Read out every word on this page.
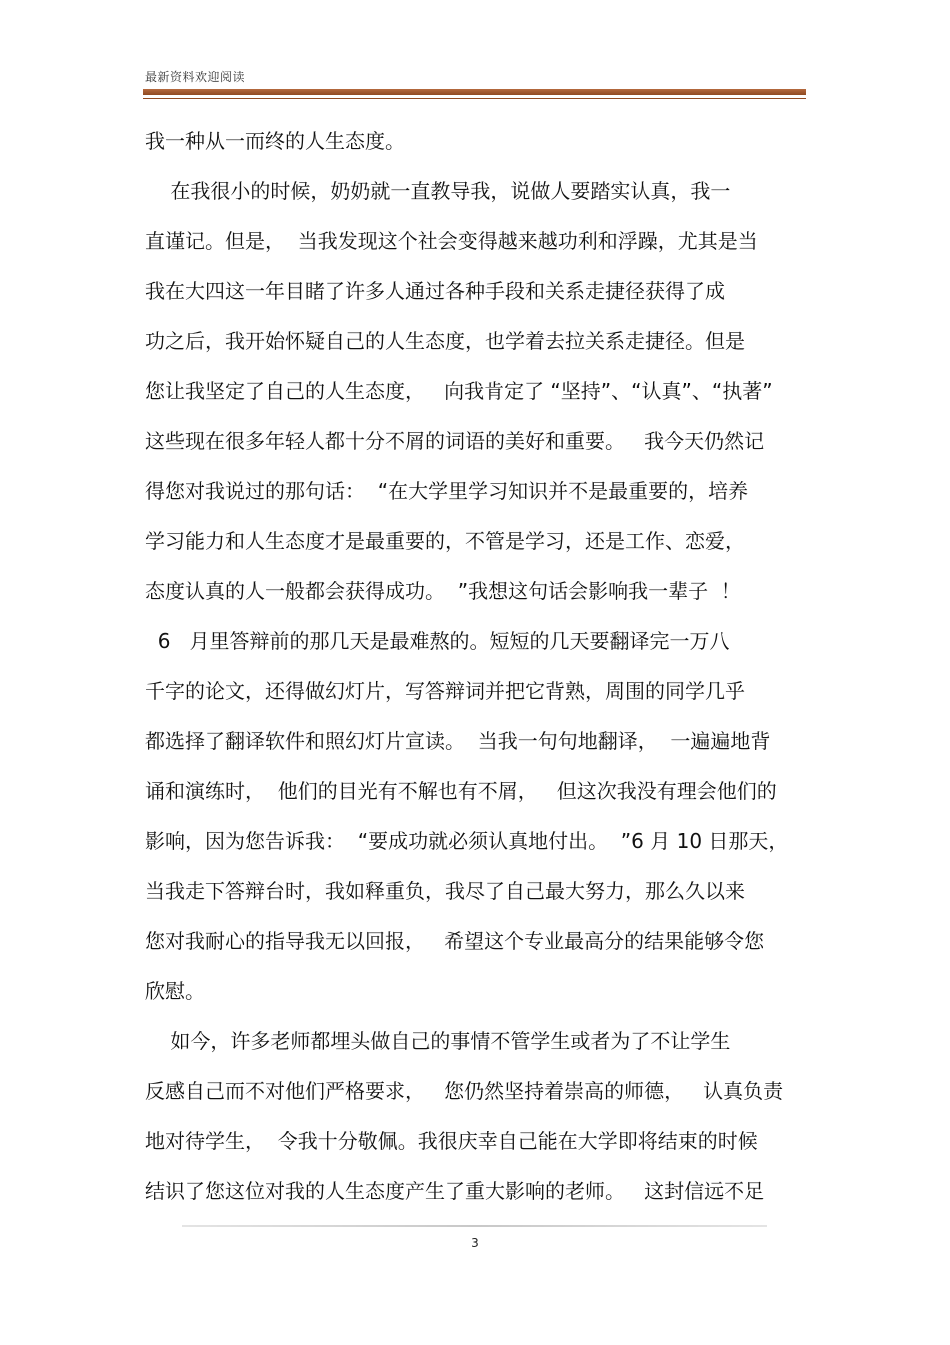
最新资料欢迎阅读
我一种从一而终的人生态度。
在我很小的时候，奶奶就一直教导我，说做人要踏实认真，我一
直谨记。但是，  当我发现这个社会变得越来越功利和浮躁，尤其是当
我在大四这一年目睹了许多人通过各种手段和关系走捷径获得了成
功之后，我开始怀疑自己的人生态度，也学着去拉关系走捷径。但是
您让我坚定了自己的人生态度，   向我肯定了 “坚持”、“认真”、“执著”
这些现在很多年轻人都十分不屑的词语的美好和重要。   我今天仍然记
得您对我说过的那句话：  “在大学里学习知识并不是最重要的，培养
学习能力和人生态度才是最重要的，不管是学习，还是工作、恋爱，
态度认真的人一般都会获得成功。  ”我想这句话会影响我一辈子  ！
6   月里答辩前的那几天是最难熬的。短短的几天要翻译完一万八
千字的论文，还得做幻灯片，写答辩词并把它背熟，周围的同学几乎
都选择了翻译软件和照幻灯片宣读。  当我一句句地翻译，  一遍遍地背
诵和演练时，  他们的目光有不解也有不屑，   但这次我没有理会他们的
影响，因为您告诉我：  “要成功就必须认真地付出。  ”6 月 10 日那天，
当我走下答辩台时，我如释重负，我尽了自己最大努力，那么久以来
您对我耐心的指导我无以回报，   希望这个专业最高分的结果能够令您
欣慰。
如今，许多老师都埋头做自己的事情不管学生或者为了不让学生
反感自己而不对他们严格要求，   您仍然坚持着崇高的师德，   认真负责
地对待学生，  令我十分敬佩。我很庆幸自己能在大学即将结束的时候
结识了您这位对我的人生态度产生了重大影响的老师。   这封信远不足
3
